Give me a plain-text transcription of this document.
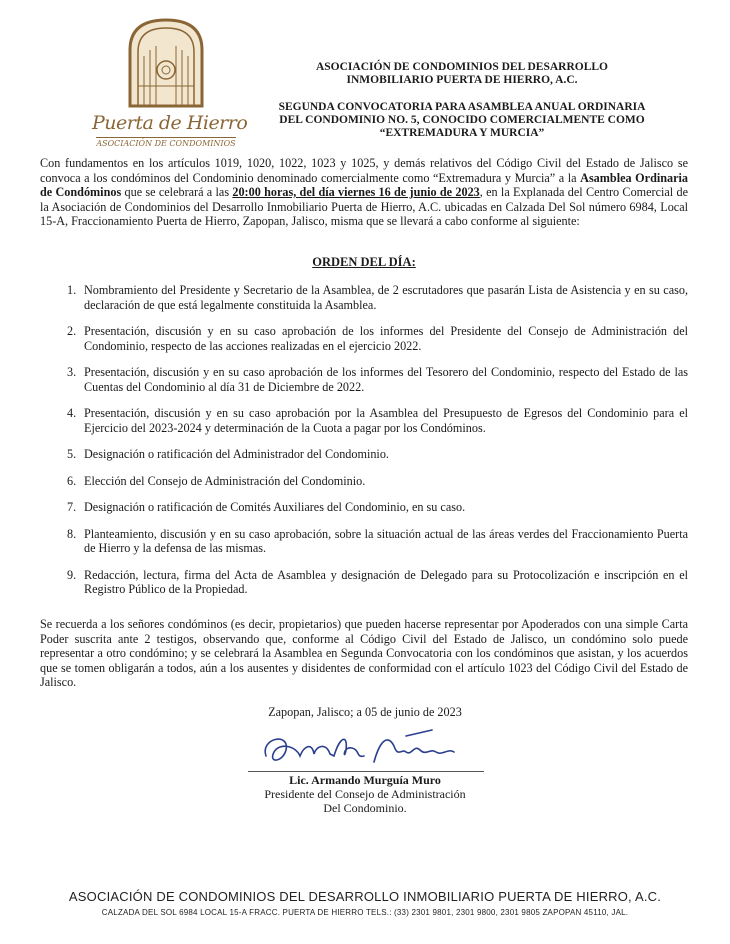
Puerta de Hierro
ASOCIACIÓN DE CONDOMINIOS
ASOCIACIÓN DE CONDOMINIOS DEL DESARROLLO
INMOBILIARIO PUERTA DE HIERRO, A.C.
SEGUNDA CONVOCATORIA PARA ASAMBLEA ANUAL ORDINARIA
DEL CONDOMINIO NO. 5, CONOCIDO COMERCIALMENTE COMO
“EXTREMADURA Y MURCIA”
Con fundamentos en los artículos 1019, 1020, 1022, 1023 y 1025, y demás relativos del Código Civil del Estado de Jalisco se convoca a los condóminos del Condominio denominado comercialmente como “Extremadura y Murcia” a la Asamblea Ordinaria de Condóminos que se celebrará a las 20:00 horas, del día viernes 16 de junio de 2023, en la Explanada del Centro Comercial de la Asociación de Condominios del Desarrollo Inmobiliario Puerta de Hierro, A.C. ubicadas en Calzada Del Sol número 6984, Local 15-A, Fraccionamiento Puerta de Hierro, Zapopan, Jalisco, misma que se llevará a cabo conforme al siguiente:
ORDEN DEL DÍA:
1. Nombramiento del Presidente y Secretario de la Asamblea, de 2 escrutadores que pasarán Lista de Asistencia y en su caso, declaración de que está legalmente constituida la Asamblea.
2. Presentación, discusión y en su caso aprobación de los informes del Presidente del Consejo de Administración del Condominio, respecto de las acciones realizadas en el ejercicio 2022.
3. Presentación, discusión y en su caso aprobación de los informes del Tesorero del Condominio, respecto del Estado de las Cuentas del Condominio al día 31 de Diciembre de 2022.
4. Presentación, discusión y en su caso aprobación por la Asamblea del Presupuesto de Egresos del Condominio para el Ejercicio del 2023-2024 y determinación de la Cuota a pagar por los Condóminos.
5. Designación o ratificación del Administrador del Condominio.
6. Elección del Consejo de Administración del Condominio.
7. Designación o ratificación de Comités Auxiliares del Condominio, en su caso.
8. Planteamiento, discusión y en su caso aprobación, sobre la situación actual de las áreas verdes del Fraccionamiento Puerta de Hierro y la defensa de las mismas.
9. Redacción, lectura, firma del Acta de Asamblea y designación de Delegado para su Protocolización e inscripción en el Registro Público de la Propiedad.
Se recuerda a los señores condóminos (es decir, propietarios) que pueden hacerse representar por Apoderados con una simple Carta Poder suscrita ante 2 testigos, observando que, conforme al Código Civil del Estado de Jalisco, un condómino solo puede representar a otro condómino; y se celebrará la Asamblea en Segunda Convocatoria con los condóminos que asistan, y los acuerdos que se tomen obligarán a todos, aún a los ausentes y disidentes de conformidad con el artículo 1023 del Código Civil del Estado de Jalisco.
Zapopan, Jalisco; a 05 de junio de 2023
Lic. Armando Murguía Muro
Presidente del Consejo de Administración
Del Condominio.
ASOCIACIÓN DE CONDOMINIOS DEL DESARROLLO INMOBILIARIO PUERTA DE HIERRO, A.C.
CALZADA DEL SOL 6984 LOCAL 15-A FRACC. PUERTA DE HIERRO TELS.: (33) 2301 9801, 2301 9800, 2301 9805 ZAPOPAN 45110, JAL.
